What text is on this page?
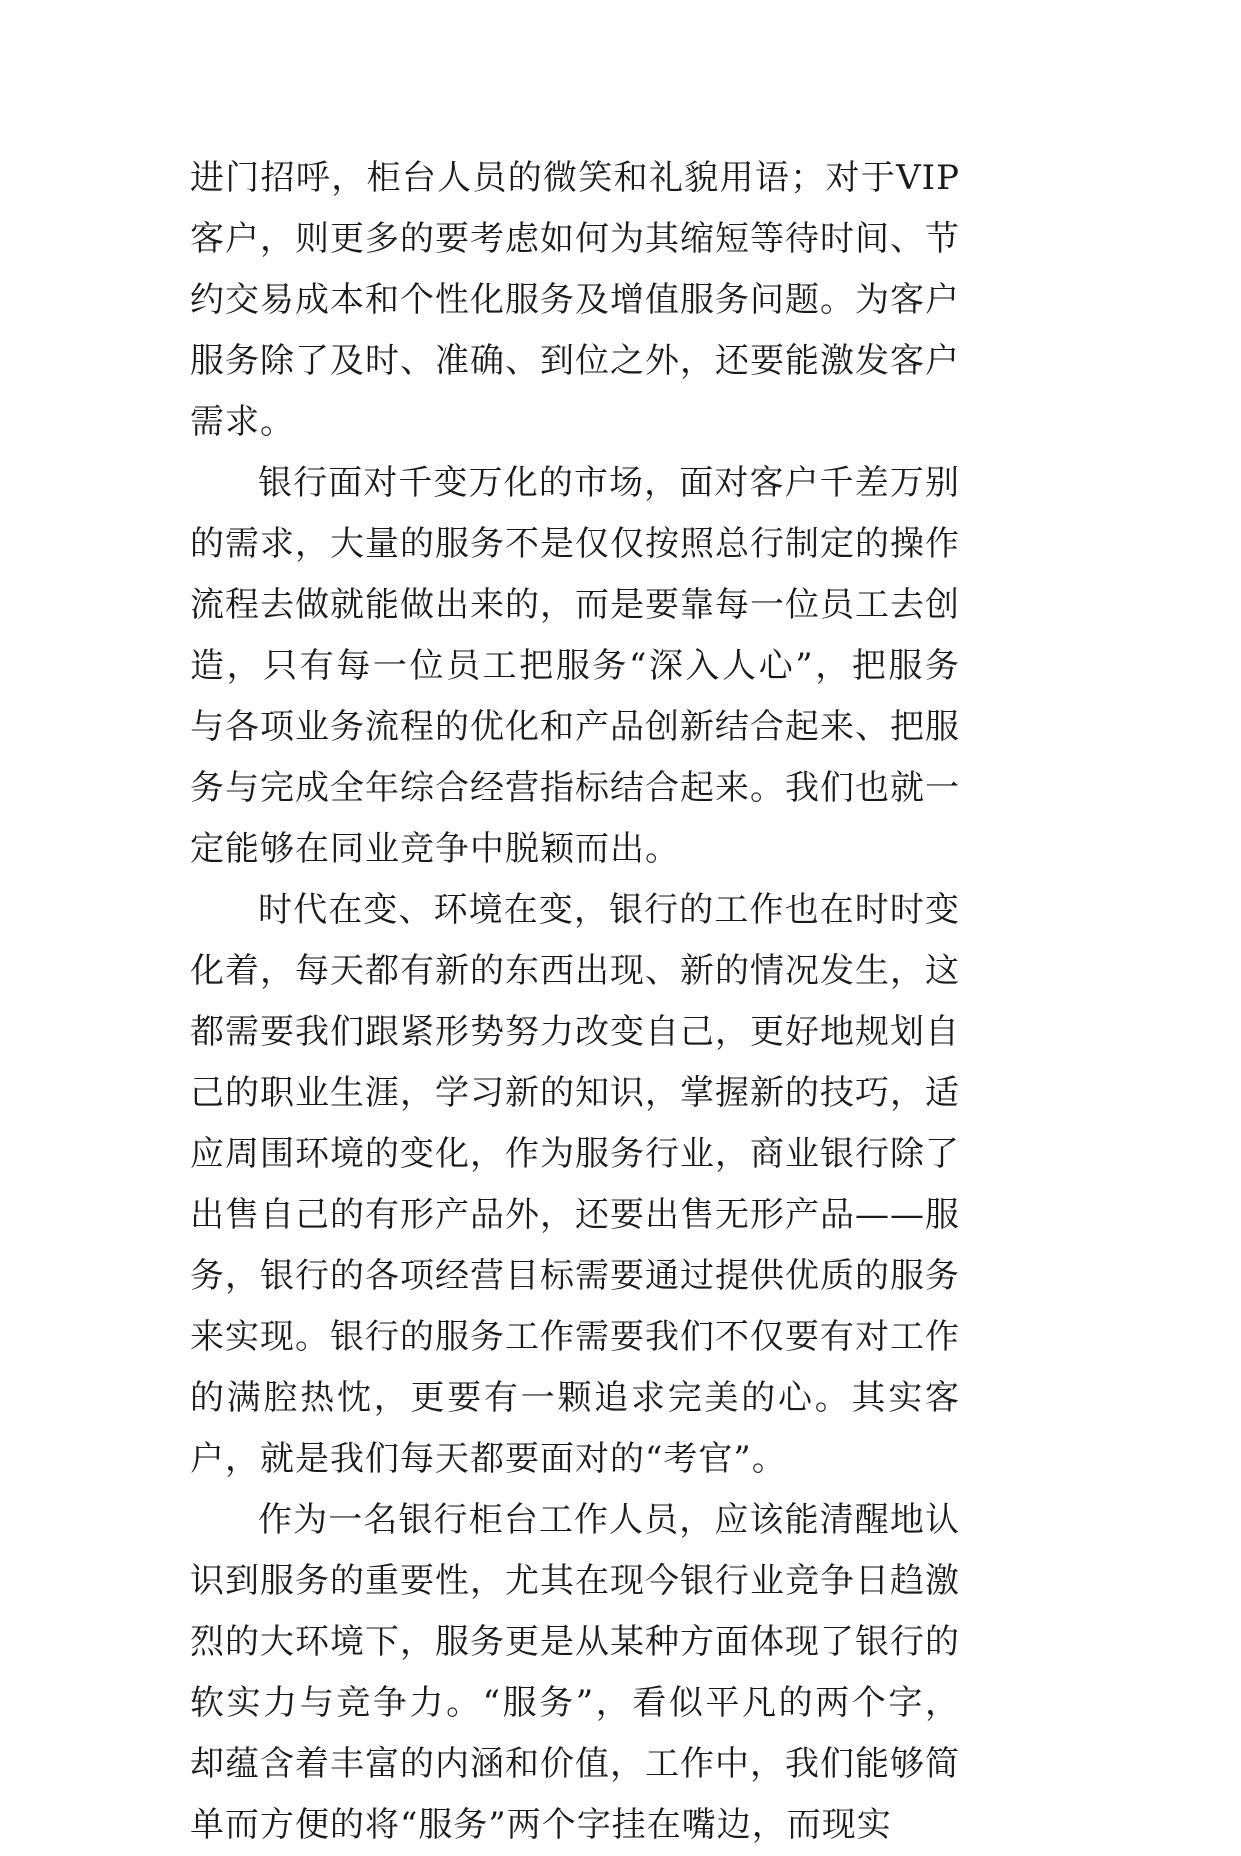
进门招呼，柜台人员的微笑和礼貌用语；对于VIP客户，则更多的要考虑如何为其缩短等待时间、节约交易成本和个性化服务及增值服务问题。为客户服务除了及时、准确、到位之外，还要能激发客户需求。

银行面对千变万化的市场，面对客户千差万别的需求，大量的服务不是仅仅按照总行制定的操作流程去做就能做出来的，而是要靠每一位员工去创造，只有每一位员工把服务“深入人心”，把服务与各项业务流程的优化和产品创新结合起来、把服务与完成全年综合经营指标结合起来。我们也就一定能够在同业竞争中脱颖而出。

时代在变、环境在变，银行的工作也在时时变化着，每天都有新的东西出现、新的情况发生，这都需要我们跟紧形势努力改变自己，更好地规划自己的职业生涯，学习新的知识，掌握新的技巧，适应周围环境的变化，作为服务行业，商业银行除了出售自己的有形产品外，还要出售无形产品——服务，银行的各项经营目标需要通过提供优质的服务来实现。银行的服务工作需要我们不仅要有对工作的满腔热忱，更要有一颗追求完美的心。其实客户，就是我们每天都要面对的“考官”。

作为一名银行柜台工作人员，应该能清醒地认识到服务的重要性，尤其在现今银行业竞争日趋激烈的大环境下，服务更是从某种方面体现了银行的软实力与竞争力。“服务”，看似平凡的两个字，却蕴含着丰富的内涵和价值，工作中，我们能够简单而方便的将“服务”两个字挂在嘴边，而现实
